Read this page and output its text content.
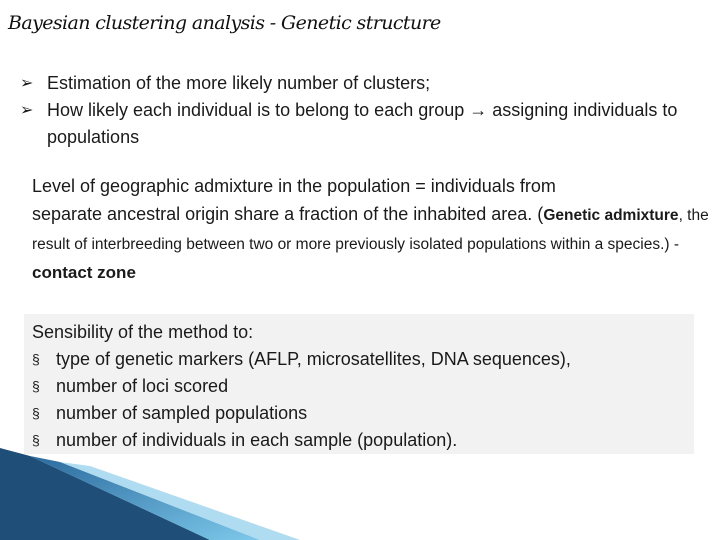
Bayesian clustering analysis - Genetic structure
➢ Estimation of the more likely number of clusters;
➢ How likely each individual is to belong to each group → assigning individuals to populations
Level of geographic admixture in the population = individuals from
separate ancestral origin share a fraction of the inhabited area. (Genetic admixture, the result of interbreeding between two or more previously isolated populations within a species.) - contact zone
Sensibility of the method to:
§ type of genetic markers (AFLP, microsatellites, DNA sequences),
§ number of loci scored
§ number of sampled populations
§ number of individuals in each sample (population).
